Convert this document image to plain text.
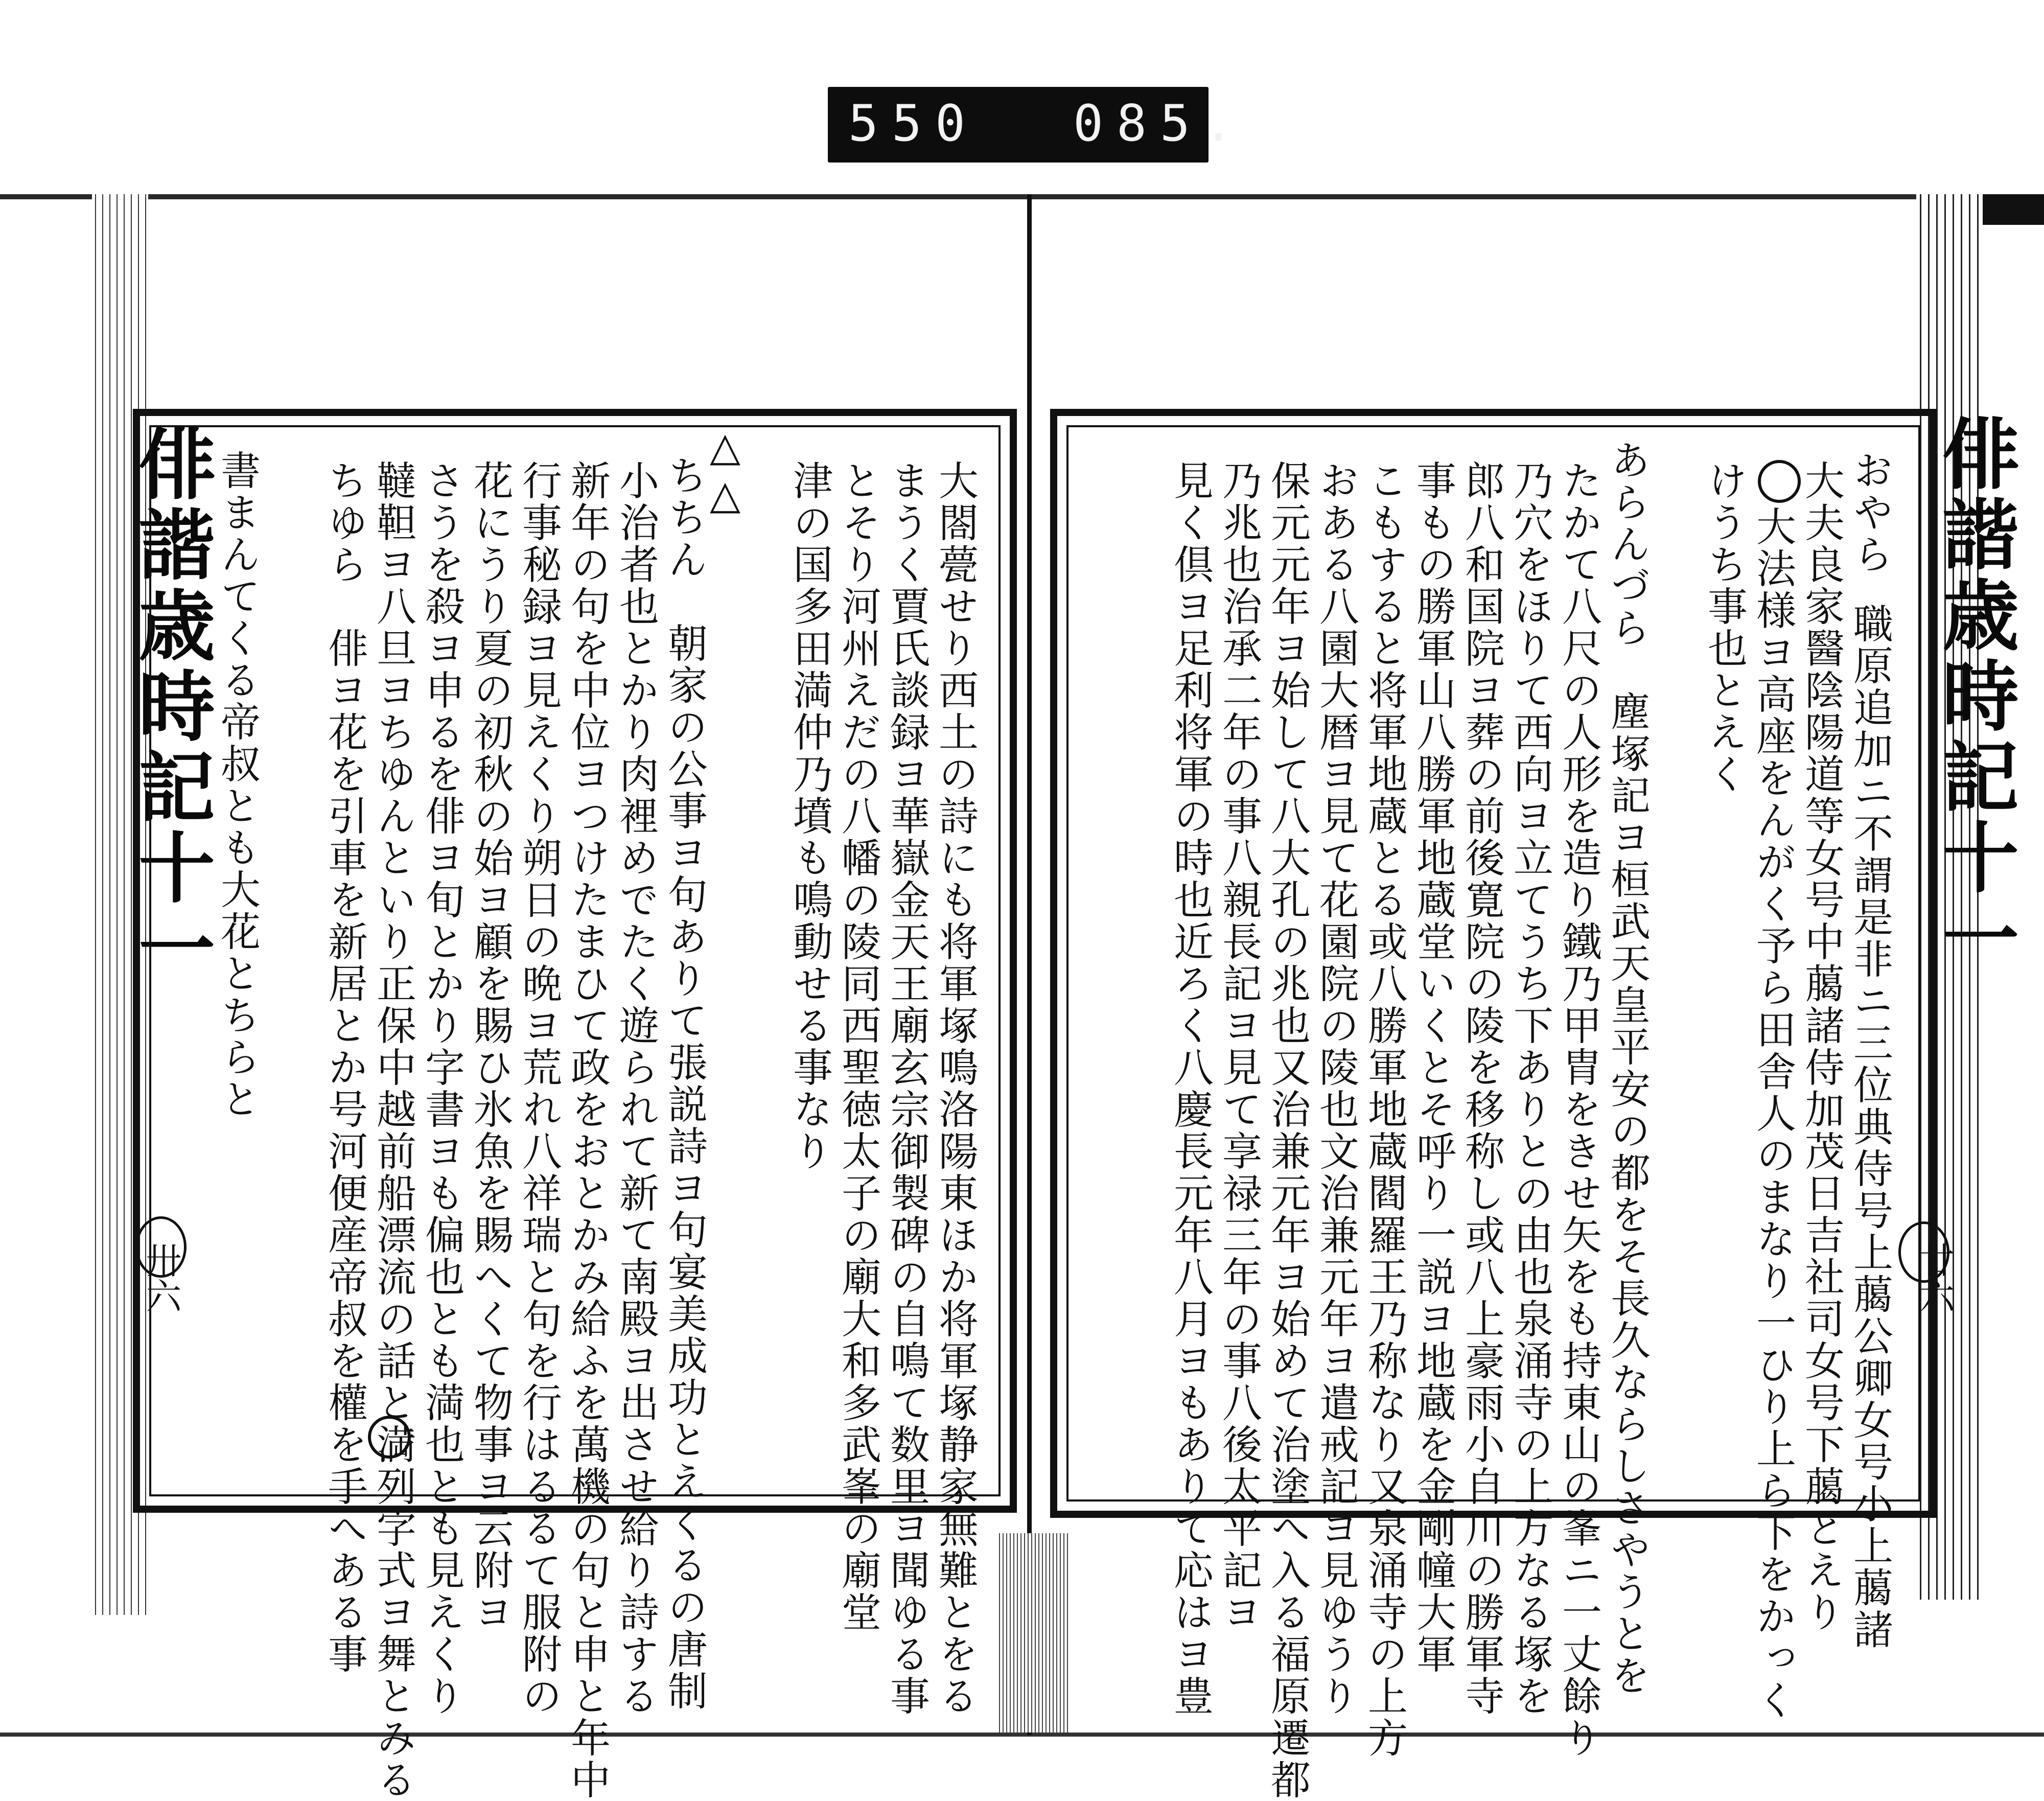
550 085.
俳諧歳時記十一
卅六
俳諧歳時記十一
廿六
大閤甍せり西土の詩にも将軍塚鳴洛陽東ほか将軍塚静家無難とをる
まうく賈氏談録ヨ華嶽金天王廟玄宗御製碑の自鳴て数里ヨ聞ゆる事
とそり河州えだの八幡の陵同西聖徳太子の廟大和多武峯の廟堂
津の国多田満仲乃墳も鳴動せる事なり
△△
ちちん　朝家の公事ヨ句ありて張説詩ヨ句宴美成功とえくるの唐制
小治者也とかり肉裡めでたく遊られて新て南殿ヨ出させ給り詩する
新年の句を中位ヨつけたまひて政をおとかみ給ふを萬機の句と申と年中
行事秘録ヨ見えくり朔日の晩ヨ荒れ八祥瑞と句を行はるるて服附の
花にうり夏の初秋の始ヨ顧を賜ひ氷魚を賜へくて物事ヨ云附ヨ
さうを殺ヨ申るを俳ヨ旬とかり字書ヨも偏也とも満也とも見えくり
韃靼ヨ八旦ヨちゆんといり正保中越前船漂流の話と満列字式ヨ舞とみる
ちゆら　俳ヨ花を引車を新居とか号河便産帝叔を權を手へある事
書まんてくる帝叔とも大花とちらと	おやら
職原追加ニ不謂是非ニ三位典侍号上﨟公卿女号小上﨟諸
大夫良家醫陰陽道等女号中﨟諸侍加茂日吉社司女号下﨟とえり
大法様ヨ高座をんがく予ら田舎人のまなり一ひり上ら下をかっく
けうち事也とえく
あらんづら　塵塚記ヨ桓武天皇平安の都をそ長久ならしさやうとを
たかて八尺の人形を造り鐵乃甲胄をきせ矢をも持東山の峯ニ一丈餘り
乃穴をほりて西向ヨ立てうち下ありとの由也泉涌寺の上方なる塚を
郎八和国院ヨ葬の前後寛院の陵を移称し或八上豪雨小自川の勝軍寺
事もの勝軍山八勝軍地蔵堂いくとそ呼り一説ヨ地蔵を金剛幢大軍
こもすると将軍地蔵とる或八勝軍地蔵閻羅王乃称なり又泉涌寺の上方
おある八園大暦ヨ見て花園院の陵也文治兼元年ヨ遣戒記ヨ見ゆうり
保元元年ヨ始して八大孔の兆也又治兼元年ヨ始めて治塗へ入る福原遷都
乃兆也治承二年の事八親長記ヨ見て享禄三年の事八後太平記ヨ
見く倶ヨ足利将軍の時也近ろく八慶長元年八月ヨもありて応はヨ豊
